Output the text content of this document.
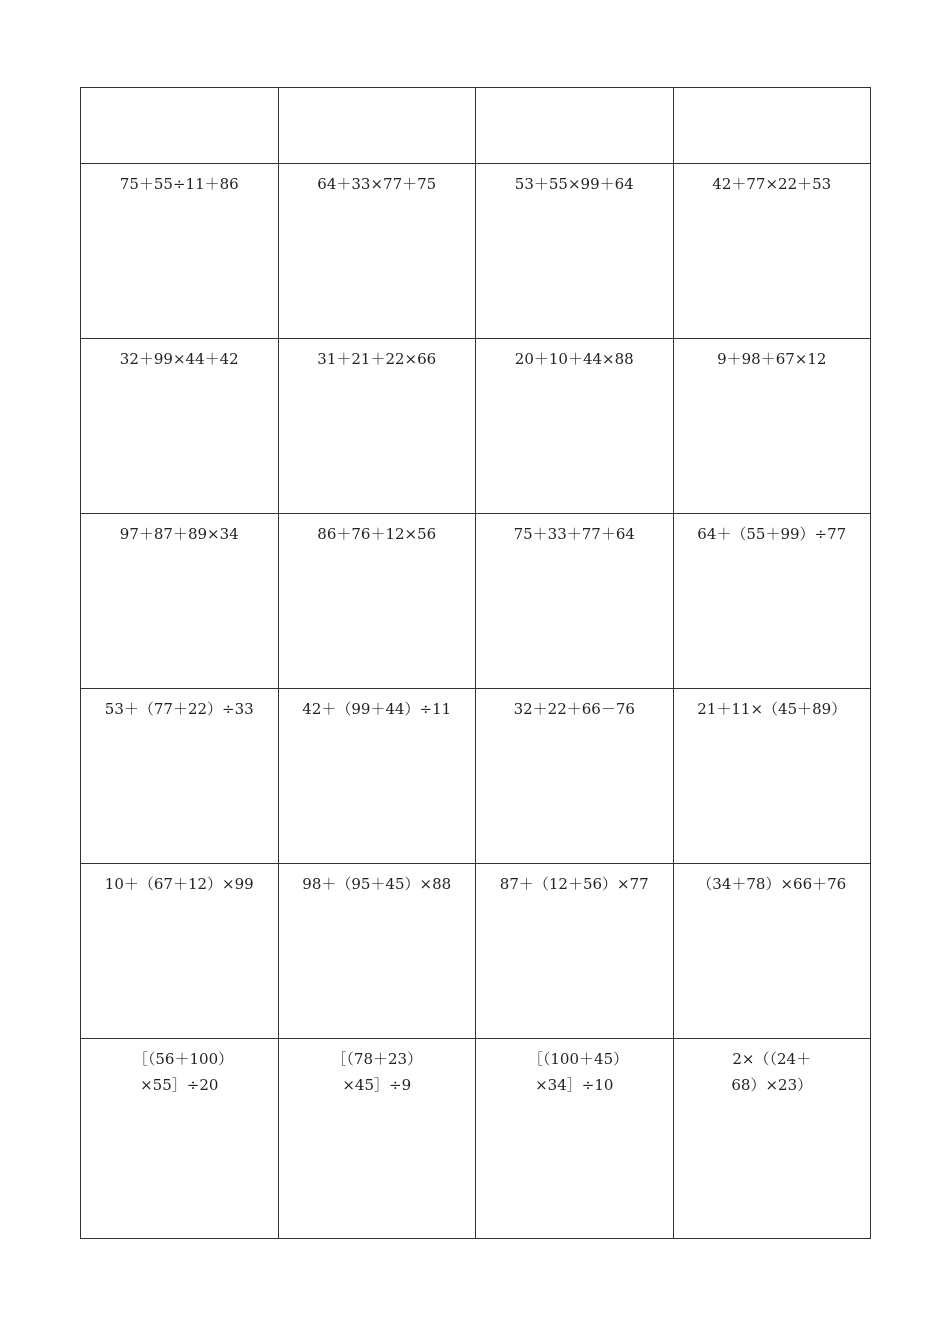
75＋55÷11＋86	64＋33×77＋75	53＋55×99＋64	42＋77×22＋53

32＋99×44＋42	31＋21＋22×66	20＋10＋44×88	9＋98＋67×12

97＋87＋89×34	86＋76＋12×56	75＋33＋77＋64	64＋（55＋99）÷77

53＋（77＋22）÷33	42＋（99＋44）÷11	32＋22＋66－76	21＋11×（45＋89）

10＋（67＋12）×99	98＋（95＋45）×88	87＋（12＋56）×77	（34＋78）×66＋76

［（56＋100）×55］÷20	［（78＋23）×45］÷9	［（100＋45）×34］÷10	2×（（24＋68）×23）
